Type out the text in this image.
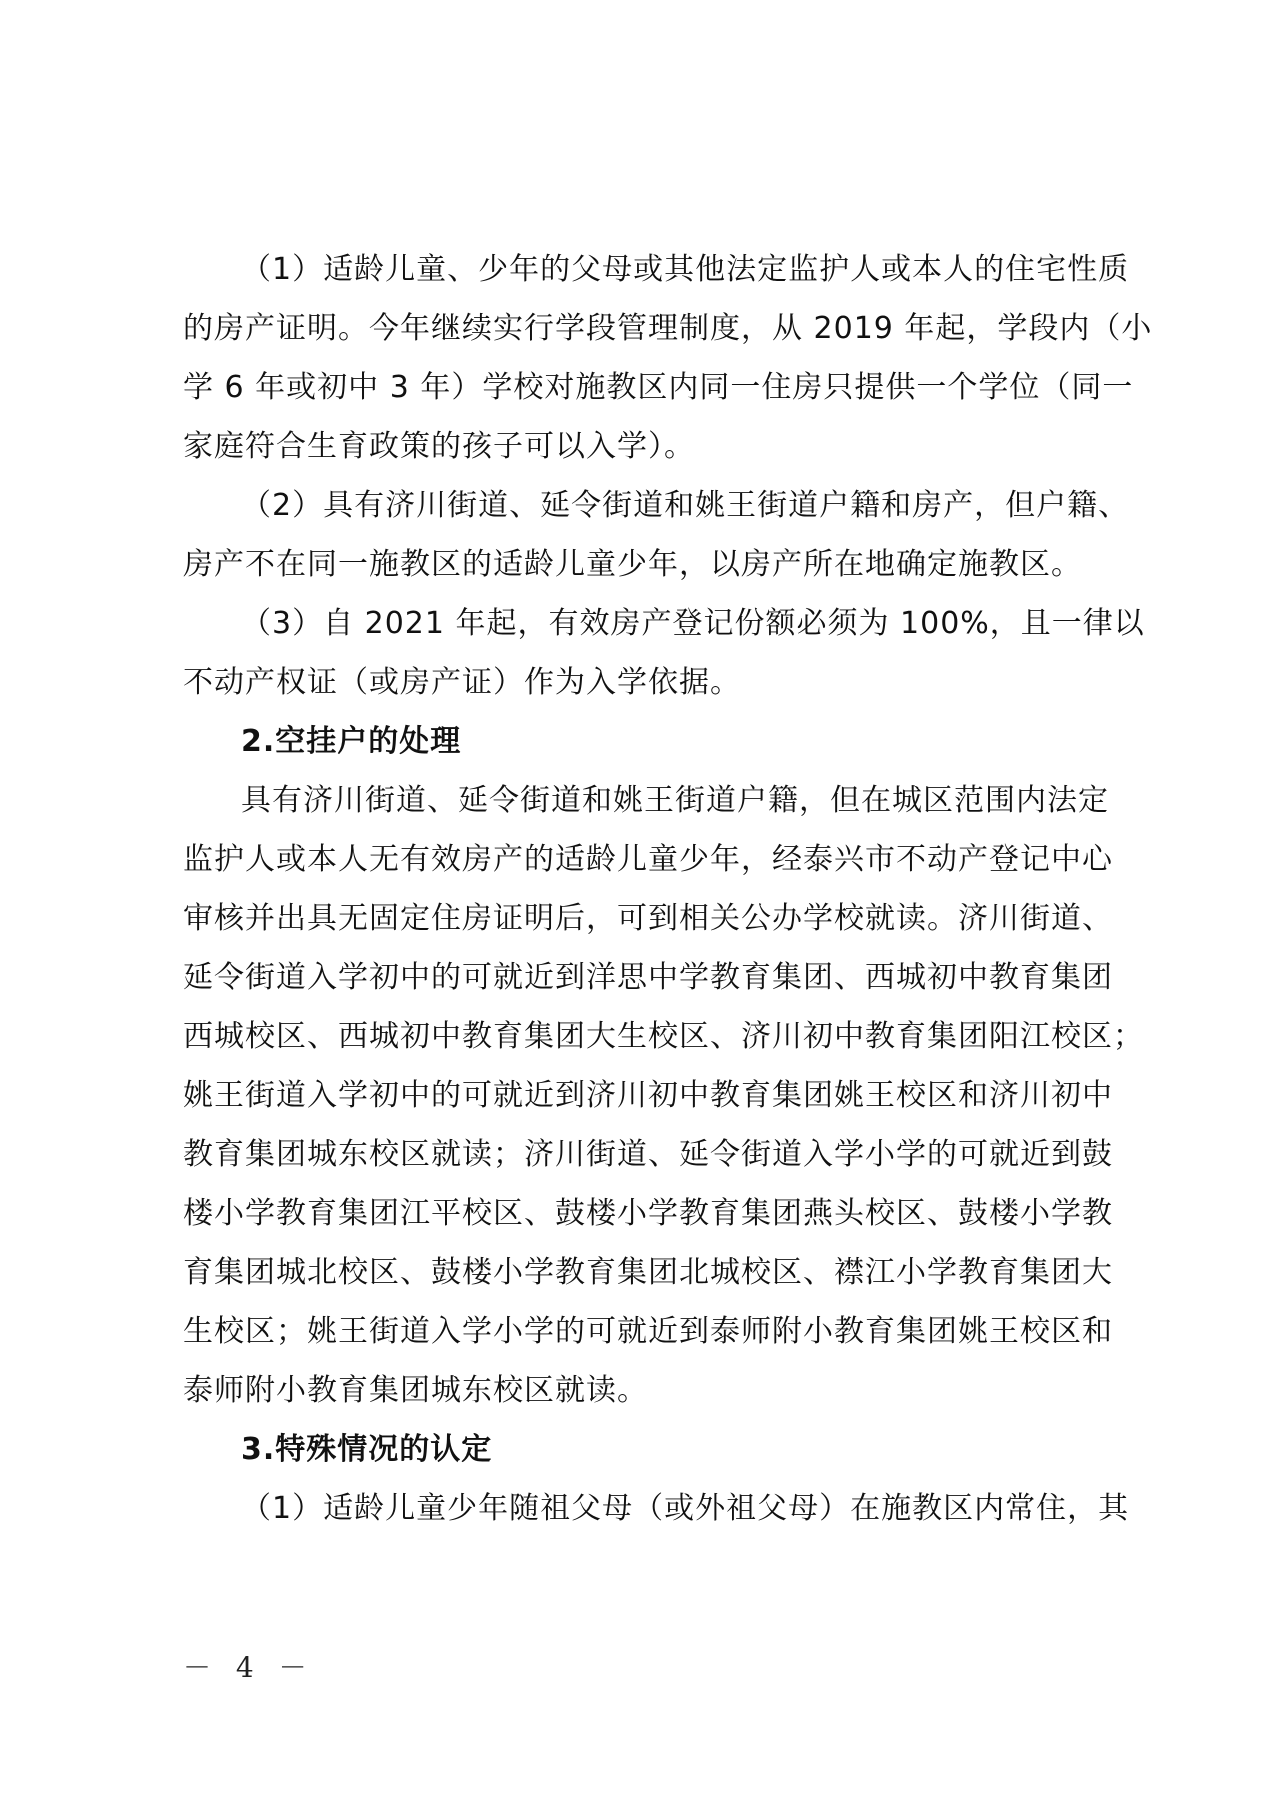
（1）适龄儿童、少年的父母或其他法定监护人或本人的住宅性质
的房产证明。今年继续实行学段管理制度，从 2019 年起，学段内（小
学 6 年或初中 3 年）学校对施教区内同一住房只提供一个学位（同一
家庭符合生育政策的孩子可以入学）。
（2）具有济川街道、延令街道和姚王街道户籍和房产，但户籍、
房产不在同一施教区的适龄儿童少年，以房产所在地确定施教区。
（3）自 2021 年起，有效房产登记份额必须为 100%，且一律以
不动产权证（或房产证）作为入学依据。
2.空挂户的处理
具有济川街道、延令街道和姚王街道户籍，但在城区范围内法定
监护人或本人无有效房产的适龄儿童少年，经泰兴市不动产登记中心
审核并出具无固定住房证明后，可到相关公办学校就读。济川街道、
延令街道入学初中的可就近到洋思中学教育集团、西城初中教育集团
西城校区、西城初中教育集团大生校区、济川初中教育集团阳江校区；
姚王街道入学初中的可就近到济川初中教育集团姚王校区和济川初中
教育集团城东校区就读；济川街道、延令街道入学小学的可就近到鼓
楼小学教育集团江平校区、鼓楼小学教育集团燕头校区、鼓楼小学教
育集团城北校区、鼓楼小学教育集团北城校区、襟江小学教育集团大
生校区；姚王街道入学小学的可就近到泰师附小教育集团姚王校区和
泰师附小教育集团城东校区就读。
3.特殊情况的认定
（1）适龄儿童少年随祖父母（或外祖父母）在施教区内常住，其
－ 4 －
